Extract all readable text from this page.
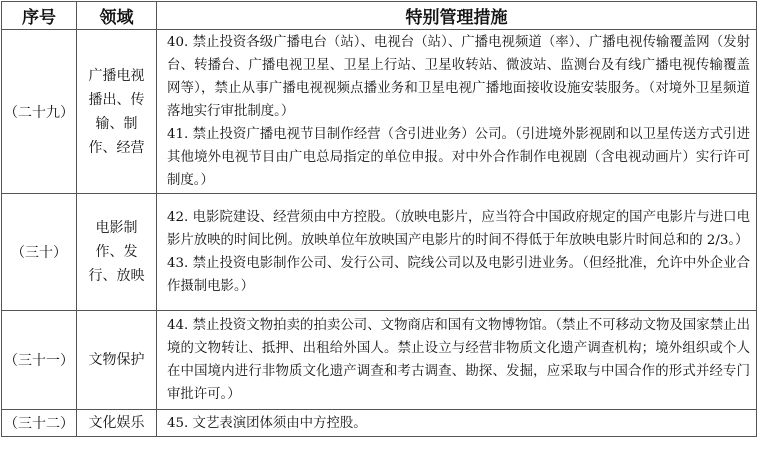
序号	领域	特别管理措施
（二十九）	广播电视播出、传输、制作、经营	40. 禁止投资各级广播电台（站）、电视台（站）、广播电视频道（率）、广播电视传输覆盖网（发射台、转播台、广播电视卫星、卫星上行站、卫星收转站、微波站、监测台及有线广播电视传输覆盖网等），禁止从事广播电视视频点播业务和卫星电视广播地面接收设施安装服务。（对境外卫星频道落地实行审批制度。）
41. 禁止投资广播电视节目制作经营（含引进业务）公司。（引进境外影视剧和以卫星传送方式引进其他境外电视节目由广电总局指定的单位申报。对中外合作制作电视剧（含电视动画片）实行许可制度。）

（三十）	电影制作、发行、放映	42. 电影院建设、经营须由中方控股。（放映电影片，应当符合中国政府规定的国产电影片与进口电影片放映的时间比例。放映单位年放映国产电影片的时间不得低于年放映电影片时间总和的 2/3。）
43. 禁止投资电影制作公司、发行公司、院线公司以及电影引进业务。（但经批准，允许中外企业合作摄制电影。）

（三十一）	文物保护	44. 禁止投资文物拍卖的拍卖公司、文物商店和国有文物博物馆。（禁止不可移动文物及国家禁止出境的文物转让、抵押、出租给外国人。禁止设立与经营非物质文化遗产调查机构；境外组织或个人在中国境内进行非物质文化遗产调查和考古调查、勘探、发掘，应采取与中国合作的形式并经专门审批许可。）

（三十二）	文化娱乐	45. 文艺表演团体须由中方控股。
